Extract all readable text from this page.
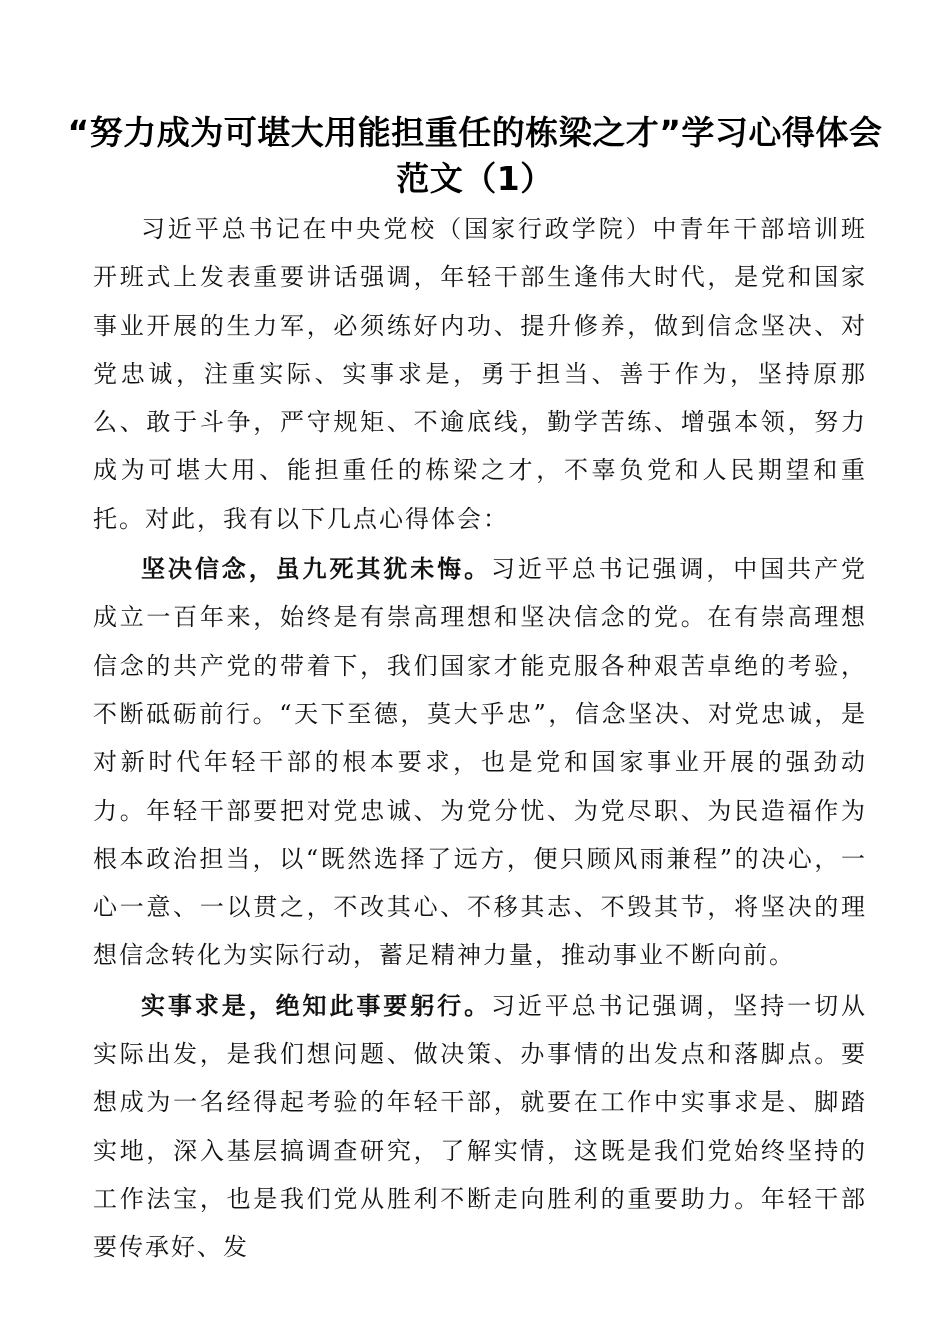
“努力成为可堪大用能担重任的栋梁之才”学习心得体会范文（1）

习近平总书记在中央党校（国家行政学院）中青年干部培训班开班式上发表重要讲话强调，年轻干部生逢伟大时代，是党和国家事业开展的生力军，必须练好内功、提升修养，做到信念坚决、对党忠诚，注重实际、实事求是，勇于担当、善于作为，坚持原那么、敢于斗争，严守规矩、不逾底线，勤学苦练、增强本领，努力成为可堪大用、能担重任的栋梁之才，不辜负党和人民期望和重托。对此，我有以下几点心得体会：

坚决信念，虽九死其犹未悔。习近平总书记强调，中国共产党成立一百年来，始终是有崇高理想和坚决信念的党。在有崇高理想信念的共产党的带着下，我们国家才能克服各种艰苦卓绝的考验，不断砥砺前行。“天下至德，莫大乎忠”，信念坚决、对党忠诚，是对新时代年轻干部的根本要求，也是党和国家事业开展的强劲动力。年轻干部要把对党忠诚、为党分忧、为党尽职、为民造福作为根本政治担当，以“既然选择了远方，便只顾风雨兼程”的决心，一心一意、一以贯之，不改其心、不移其志、不毁其节，将坚决的理想信念转化为实际行动，蓄足精神力量，推动事业不断向前。

实事求是，绝知此事要躬行。习近平总书记强调，坚持一切从实际出发，是我们想问题、做决策、办事情的出发点和落脚点。要想成为一名经得起考验的年轻干部，就要在工作中实事求是、脚踏实地，深入基层搞调查研究，了解实情，这既是我们党始终坚持的工作法宝，也是我们党从胜利不断走向胜利的重要助力。年轻干部要传承好、发
